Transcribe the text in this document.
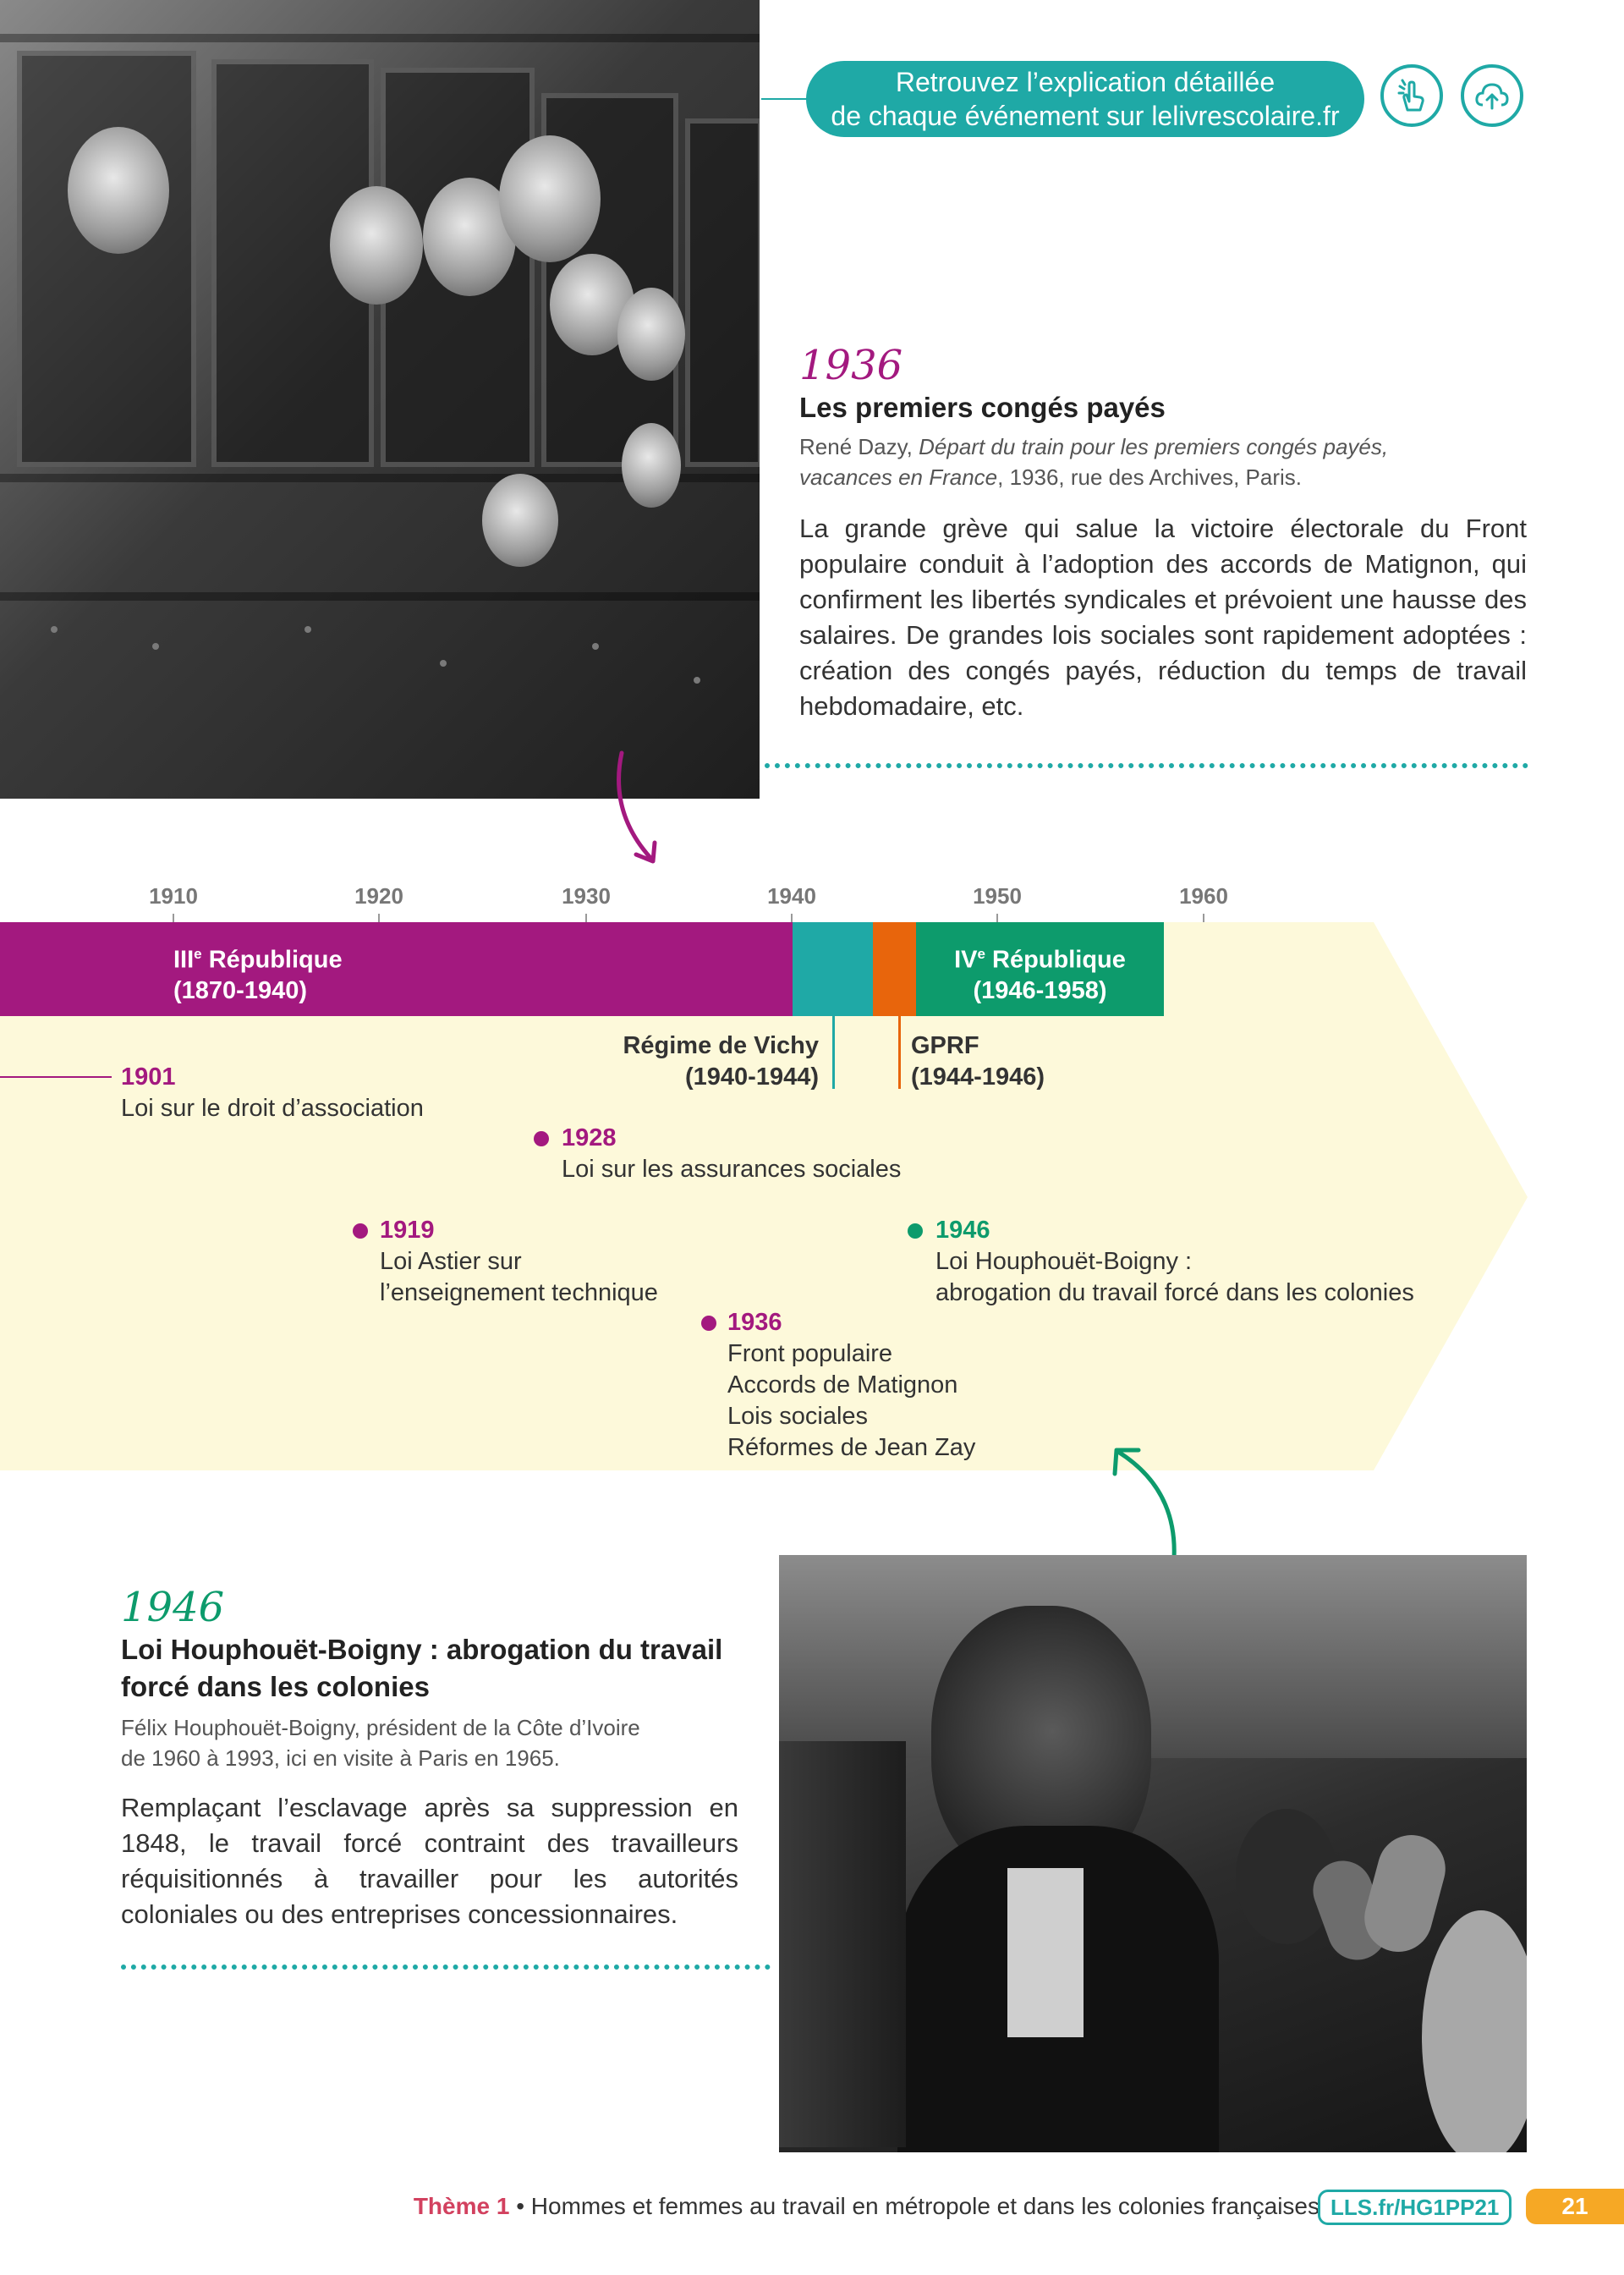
Retrouvez l’explication détaillée
de chaque événement sur lelivrescolaire.fr
1936
Les premiers congés payés
René Dazy, Départ du train pour les premiers congés payés, vacances en France, 1936, rue des Archives, Paris.
La grande grève qui salue la victoire électorale du Front populaire conduit à l’adoption des accords de Matignon, qui confirment les libertés syndicales et prévoient une hausse des salaires. De grandes lois sociales sont rapidement adoptées : création des congés payés, réduction du temps de travail hebdomadaire, etc.
1910	1920	1930	1940	1950	1960
IIIe République
(1870-1940)
IVe République
(1946-1958)
Régime de Vichy
(1940-1944)
GPRF
(1944-1946)
1901
Loi sur le droit d’association
1928
Loi sur les assurances sociales
1919
Loi Astier sur
l’enseignement technique
1946
Loi Houphouët-Boigny :
abrogation du travail forcé dans les colonies
1936
Front populaire
Accords de Matignon
Lois sociales
Réformes de Jean Zay
1946
Loi Houphouët-Boigny : abrogation du travail
forcé dans les colonies
Félix Houphouët-Boigny, président de la Côte d’Ivoire
de 1960 à 1993, ici en visite à Paris en 1965.
Remplaçant l’esclavage après sa suppression en 1848, le travail forcé contraint des travailleurs réquisitionnés à travailler pour les autorités coloniales ou des entreprises concessionnaires.
Thème 1 • Hommes et femmes au travail en métropole et dans les colonies françaises LLS.fr/HG1PP21	21
